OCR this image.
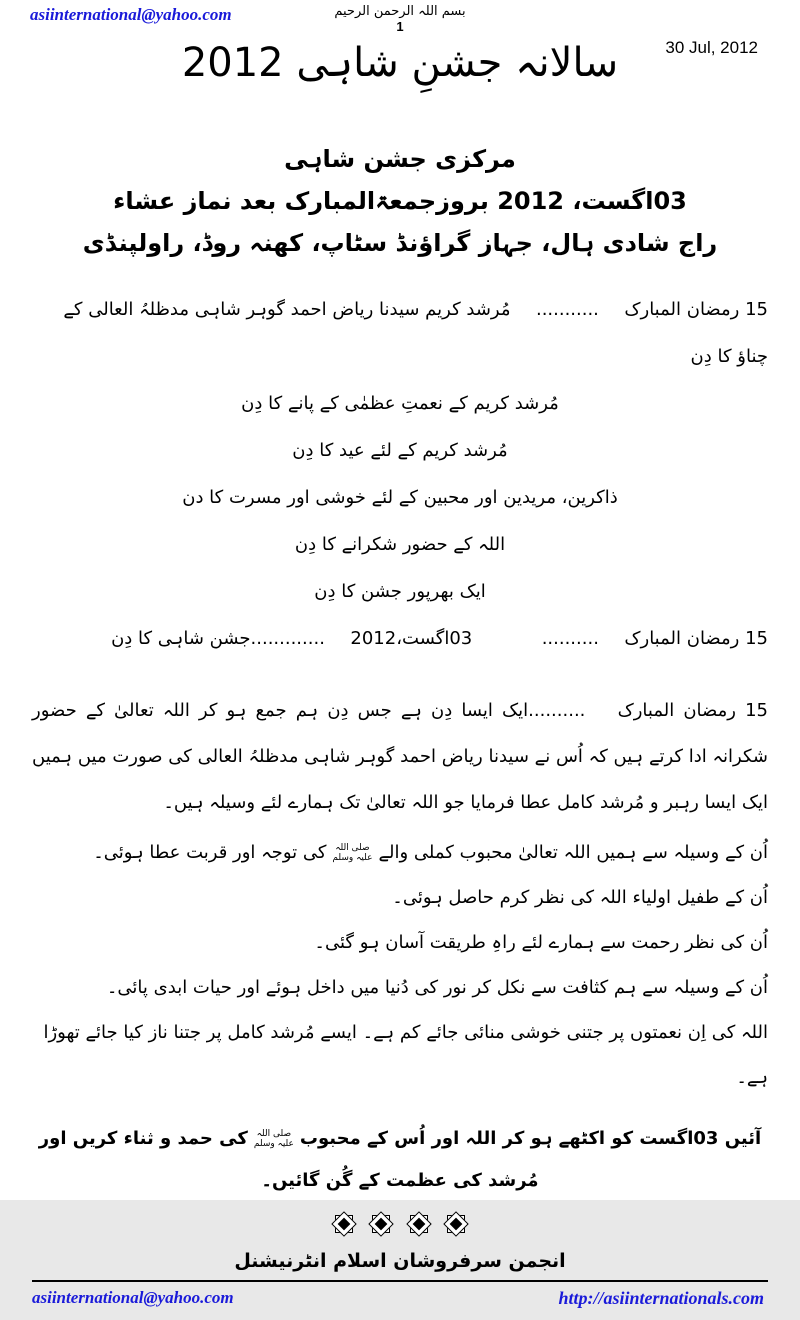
asiinternational@yahoo.com	بسم اللہ الرحمن الرحیم
1
30 Jul, 2012
سالانہ جشنِ شاہی 2012
مرکزی جشن شاہی
03اگست، 2012 بروزجمعۃالمبارک بعد نماز عشاء
راج شادی ہال، جہاز گراؤنڈ سٹاپ، کھنہ روڈ، راولپنڈی
15 رمضان المبارک  ...........  مُرشد کریم سیدنا ریاض احمد گوہر شاہی مدظلہُ العالی کے چناؤ کا دِن
مُرشد کریم کے نعمتِ عظمٰی کے پانے کا دِن
مُرشد کریم کے لئے عید کا دِن
ذاکرین، مریدین اور محبین کے لئے خوشی اور مسرت کا دن
اللہ کے حضور شکرانے کا دِن
ایک بھرپور جشن کا دِن
15 رمضان المبارک  ..........  03اگست،2012  .............جشن شاہی کا دِن

15 رمضان المبارک  ..........ایک ایسا دِن ہے جس دِن ہم جمع ہو کر اللہ تعالیٰ کے حضور شکرانہ ادا کرتے ہیں کہ اُس نے سیدنا ریاض احمد گوہر شاہی مدظلہُ العالی کی صورت میں ہمیں ایک ایسا رہبر و مُرشد کامل عطا فرمایا جو اللہ تعالیٰ تک ہمارے لئے وسیلہ ہیں۔

اُن کے وسیلہ سے ہمیں اللہ تعالیٰ محبوب کملی والے
صلی اللہ
علیہ وسلم
کی توجہ اور قربت عطا ہوئی۔
اُن کے طفیل اولیاء اللہ کی نظر کرم حاصل ہوئی۔
اُن کی نظر رحمت سے ہمارے لئے راہِ طریقت آسان ہو گئی۔
اُن کے وسیلہ سے ہم کثافت سے نکل کر نور کی دُنیا میں داخل ہوئے اور حیات ابدی پائی۔
اللہ کی اِن نعمتوں پر جتنی خوشی منائی جائے کم ہے۔ ایسے مُرشد کامل پر جتنا ناز کیا جائے تھوڑا ہے۔
آئیں 03اگست کو اکٹھے ہو کر اللہ اور اُس کے محبوب
صلی اللہ
علیہ وسلم
کی حمد و ثناء کریں اور مُرشد کی عظمت کے گُن گائیں۔

انجمن سرفروشان اسلام انٹرنیشنل
asiinternational@yahoo.com	http://asiinternationals.com
